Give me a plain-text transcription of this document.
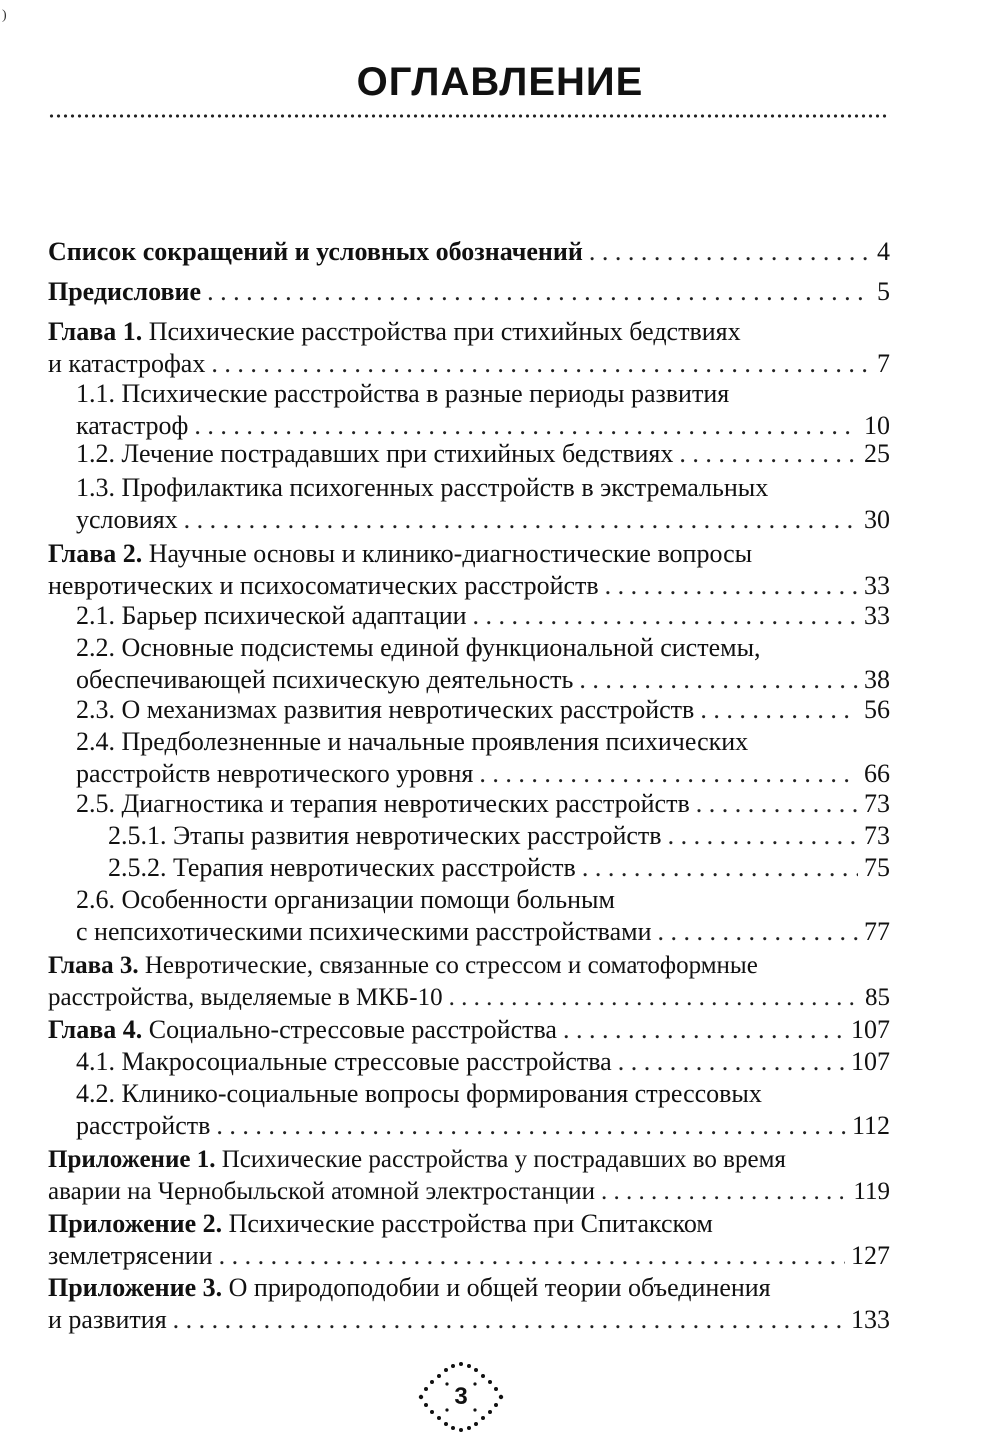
)
ОГЛАВЛЕНИЕ
Список сокращений и условных обозначений . . .	4
Предисловие . . .	5
Глава 1. Психические расстройства при стихийных бедствиях
и катастрофах . . .	7
1.1. Психические расстройства в разные периоды развития
катастроф . . .	10
1.2. Лечение пострадавших при стихийных бедствиях . . .	25
1.3. Профилактика психогенных расстройств в экстремальных
условиях . . .	30
Глава 2. Научные основы и клинико-диагностические вопросы
невротических и психосоматических расстройств . . .	33
2.1. Барьер психической адаптации . . .	33
2.2. Основные подсистемы единой функциональной системы,
обеспечивающей психическую деятельность . . .	38
2.3. О механизмах развития невротических расстройств . . .	56
2.4. Предболезненные и начальные проявления психических
расстройств невротического уровня . . .	66
2.5. Диагностика и терапия невротических расстройств . . .	73
2.5.1. Этапы развития невротических расстройств . . .	73
2.5.2. Терапия невротических расстройств . . .	75
2.6. Особенности организации помощи больным
с непсихотическими психическими расстройствами . . .	77
Глава 3. Невротические, связанные со стрессом и соматоформные
расстройства, выделяемые в МКБ-10 . . .	85
Глава 4. Социально-стрессовые расстройства . . .	107
4.1. Макросоциальные стрессовые расстройства . . .	107
4.2. Клинико-социальные вопросы формирования стрессовых
расстройств . . .	112
Приложение 1. Психические расстройства у пострадавших во время
аварии на Чернобыльской атомной электростанции . . .	119
Приложение 2. Психические расстройства при Спитакском
землетрясении . . .	127
Приложение 3. О природоподобии и общей теории объединения
и развития . . .	133
3
